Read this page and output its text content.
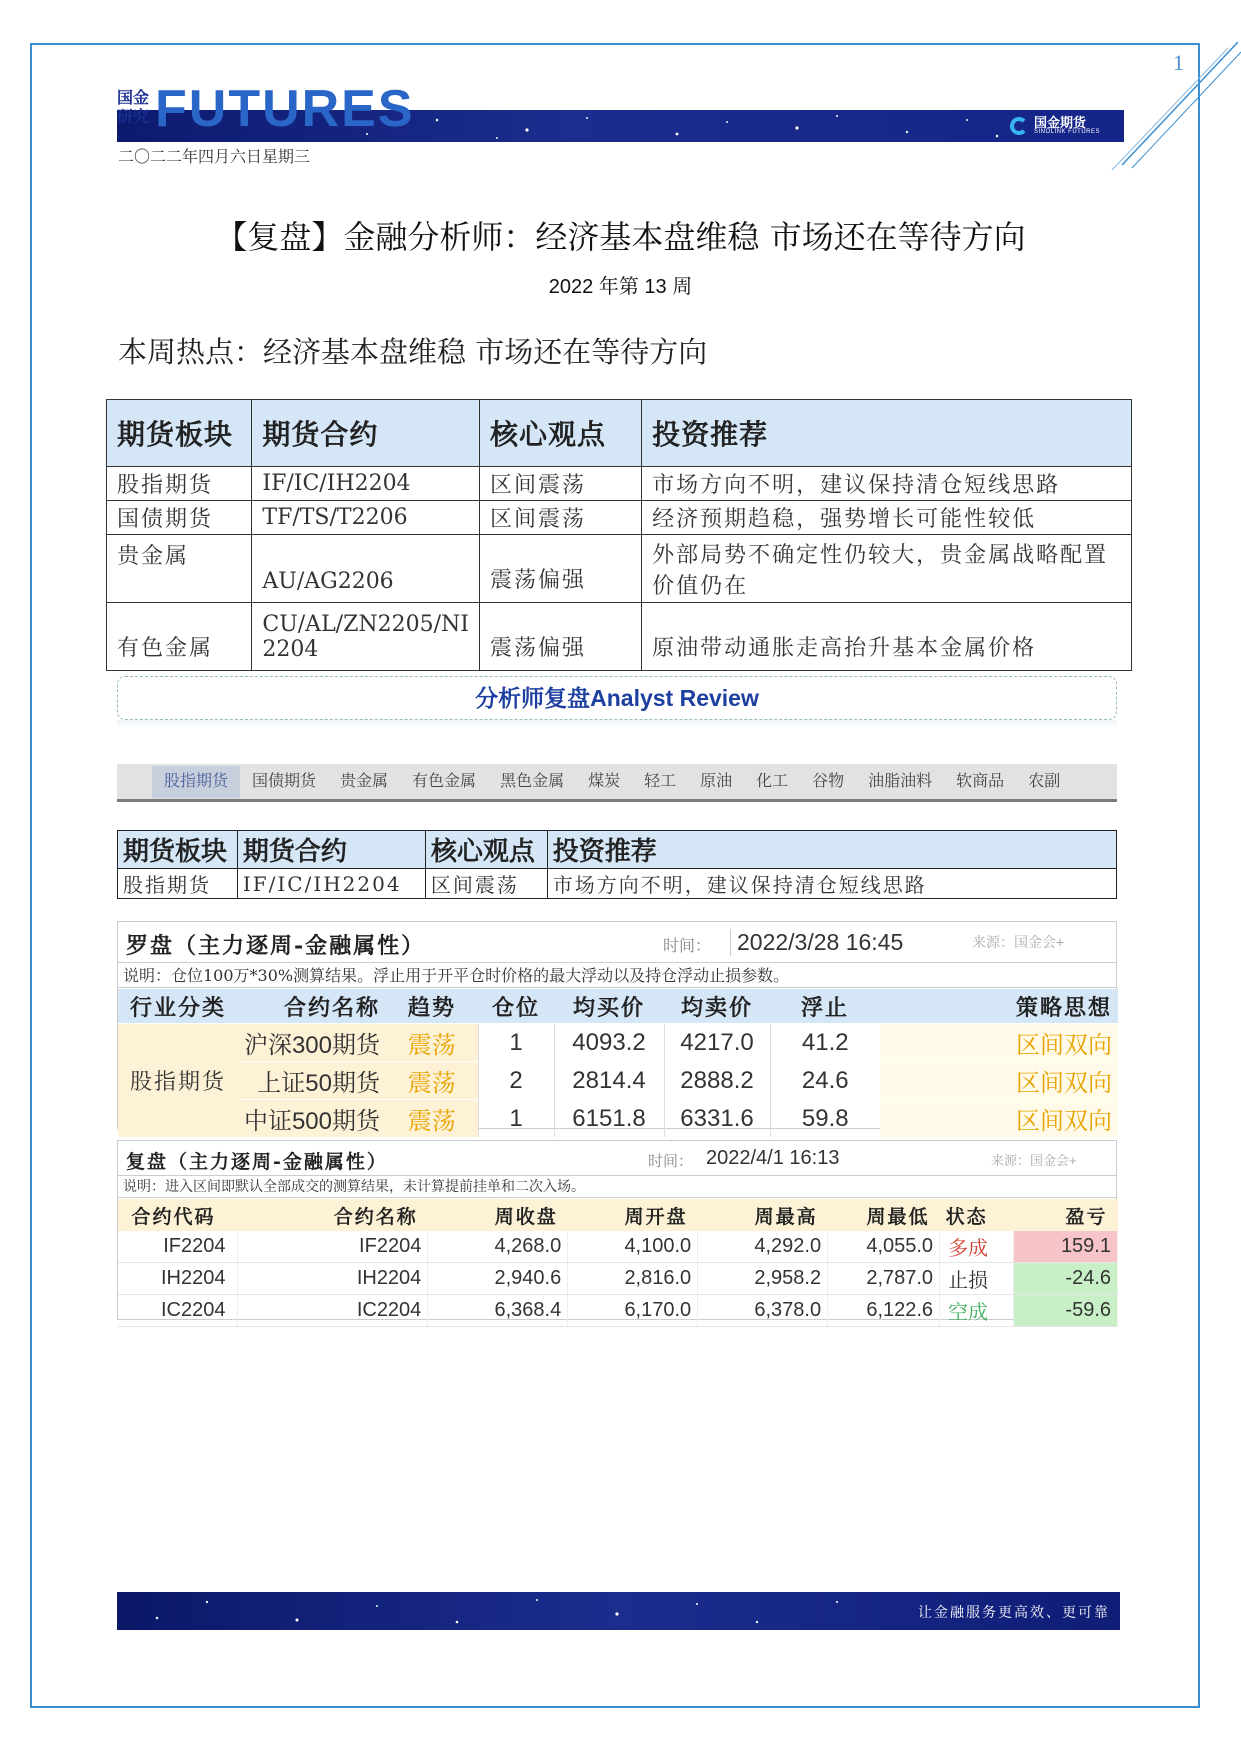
1
国金
研究 FUTURES	国金期货
SINOLINK FUTURES
二〇二二年四月六日星期三
【复盘】金融分析师：经济基本盘维稳 市场还在等待方向
2022 年第 13 周
本周热点：经济基本盘维稳 市场还在等待方向
期货板块	期货合约	核心观点	投资推荐
股指期货	IF/IC/IH2204	区间震荡	市场方向不明，建议保持清仓短线思路
国债期货	TF/TS/T2206	区间震荡	经济预期趋稳，强势增长可能性较低
贵金属	AU/AG2206	震荡偏强	外部局势不确定性仍较大，贵金属战略配置
价值仍在

有色金属	CU/AL/ZN2205/NI
2204	震荡偏强	原油带动通胀走高抬升基本金属价格
分析师复盘Analyst Review
股指期货	国债期货	贵金属	有色金属	黑色金属	煤炭	轻工	原油	化工	谷物	油脂油料	软商品	农副
期货板块	期货合约	核心观点	投资推荐
股指期货	IF/IC/IH2204	区间震荡	市场方向不明，建议保持清仓短线思路
罗盘（主力逐周-金融属性）	时间：	2022/3/28 16:45	来源：国金会+
说明：仓位100万*30%测算结果。浮止用于开平仓时价格的最大浮动以及持仓浮动止损参数。
行业分类	合约名称	趋势	仓位	均买价	均卖价	浮止	策略思想
股指期货	沪深300期货	震荡	1	4093.2	4217.0	41.2	区间双向
	上证50期货	震荡	2	2814.4	2888.2	24.6	区间双向
	中证500期货	震荡	1	6151.8	6331.6	59.8	区间双向
复盘（主力逐周-金融属性）	时间： 2022/4/1 16:13	来源：国金会+
说明：进入区间即默认全部成交的测算结果，未计算提前挂单和二次入场。
合约代码	合约名称	周收盘	周开盘	周最高	周最低	状态	盈亏
IF2204	IF2204	4,268.0	4,100.0	4,292.0	4,055.0	多成	159.1
IH2204	IH2204	2,940.6	2,816.0	2,958.2	2,787.0	止损	-24.6
IC2204	IC2204	6,368.4	6,170.0	6,378.0	6,122.6	空成	-59.6
让金融服务更高效、更可靠
